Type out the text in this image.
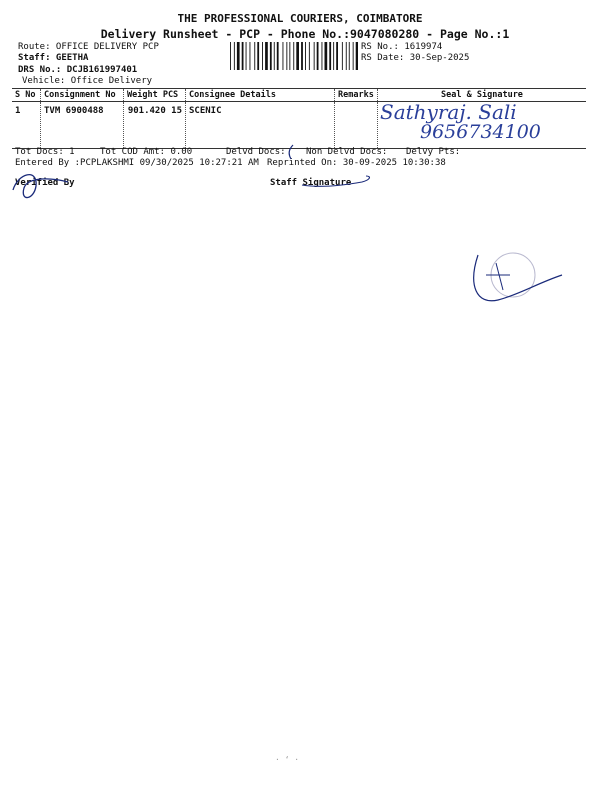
THE PROFESSIONAL COURIERS, COIMBATORE
Delivery Runsheet - PCP - Phone No.:9047080280 - Page No.:1
Route: OFFICE DELIVERY PCP
Staff: GEETHA
DRS No.: DCJB161997401
Vehicle: Office Delivery
RS No.: 1619974
RS Date: 30-Sep-2025
S No	Consignment No	Weight PCS	Consignee Details	Remarks	Seal & Signature
1	TVM 6900488	901.420 15	SCENIC			Sathyraj. Sali
9656734100
Tot Docs: 1	Tot COD Amt: 0.00	Delvd Docs: Non Delvd Docs: Delvy Pts:
Entered By :PCPLAKSHMI 09/30/2025 10:27:21 AM Reprinted On: 30-09-2025 10:30:38
Verified By	Staff Signature
· ‘ ·
